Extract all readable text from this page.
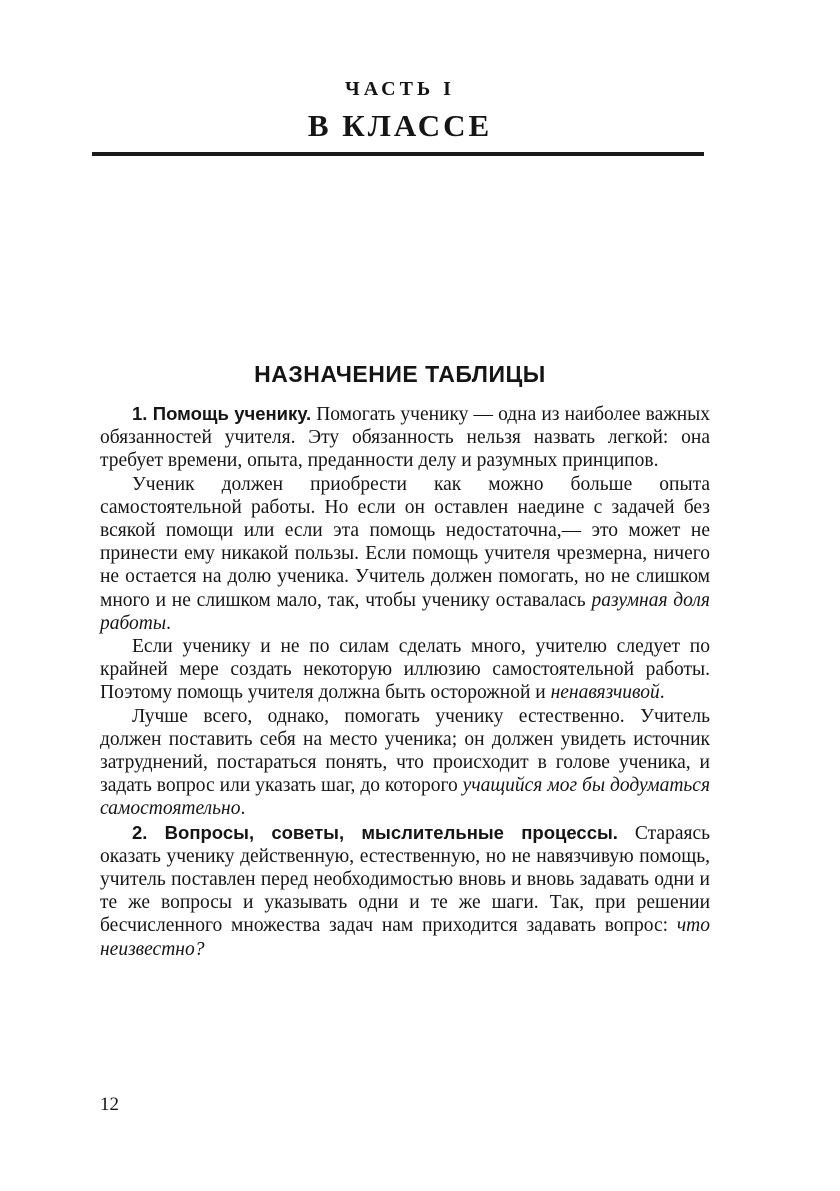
ЧАСТЬ I
В КЛАССЕ
НАЗНАЧЕНИЕ ТАБЛИЦЫ

1. Помощь ученику. Помогать ученику — одна из наиболее важных обязанностей учителя. Эту обязанность нельзя назвать легкой: она требует времени, опыта, преданности делу и разумных принципов.

Ученик должен приобрести как можно больше опыта самостоятельной работы. Но если он оставлен наедине с задачей без всякой помощи или если эта помощь недостаточна,— это может не принести ему никакой пользы. Если помощь учителя чрезмерна, ничего не остается на долю ученика. Учитель должен помогать, но не слишком много и не слишком мало, так, чтобы ученику оставалась разумная доля работы.

Если ученику и не по силам сделать много, учителю следует по крайней мере создать некоторую иллюзию самостоятельной работы. Поэтому помощь учителя должна быть осторожной и ненавязчивой.

Лучше всего, однако, помогать ученику естественно. Учитель должен поставить себя на место ученика; он должен увидеть источник затруднений, постараться понять, что происходит в голове ученика, и задать вопрос или указать шаг, до которого учащийся мог бы додуматься самостоятельно.

2. Вопросы, советы, мыслительные процессы. Стараясь оказать ученику действенную, естественную, но не навязчивую помощь, учитель поставлен перед необходимостью вновь и вновь задавать одни и те же вопросы и указывать одни и те же шаги. Так, при решении бесчисленного множества задач нам приходится задавать вопрос: что неизвестно?

12
